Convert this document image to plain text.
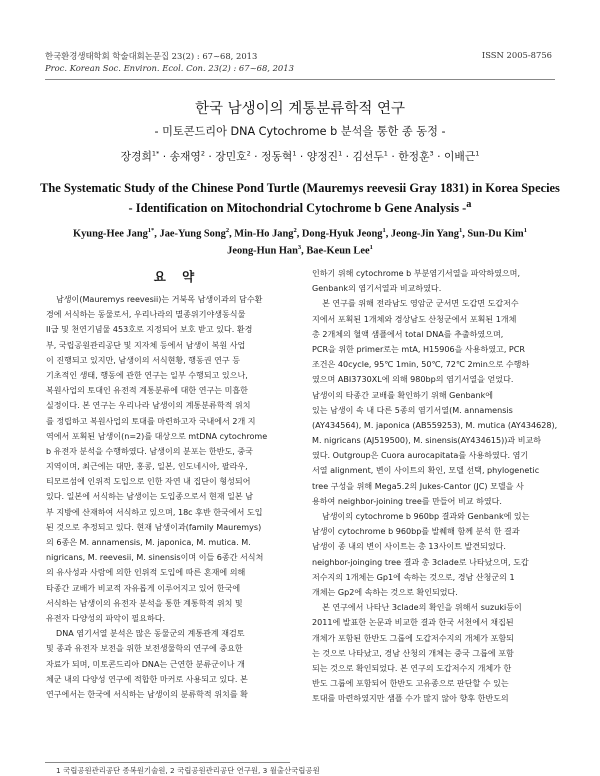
한국환경생태학회 학술대회논문집 23(2) : 67~68, 2013
Proc. Korean Soc. Environ. Ecol. Con. 23(2) : 67~68, 2013
ISSN 2005-8756
한국 남생이의 계통분류학적 연구
- 미토콘드리아 DNA Cytochrome b 분석을 통한 종 동정 -
장경희$^{1*}$ · 송재영$^2$ · 장민호$^2$ · 정동혁$^1$ · 양정진$^1$ · 김선두$^1$ · 한정훈$^3$ · 이배근$^1$
The Systematic Study of the Chinese Pond Turtle (Mauremys reevesii Gray 1831) in Korea Species
- Identification on Mitochondrial Cytochrome b Gene Analysis -$^a$
Kyung-Hee Jang$^{1*}$, Jae-Yung Song$^2$, Min-Ho Jang$^2$, Dong-Hyuk Jeong$^1$, Jeong-Jin Yang$^1$, Sun-Du Kim$^1$
Jeong-Hun Han$^3$, Bae-Keun Lee$^1$
요 약
남생이(Mauremys reevesii)는 거북목 남생이과의 담수환
경에 서식하는 동물로서, 우리나라의 멸종위기야생동식물
II급 및 천연기념물 453호로 지정되어 보호 받고 있다. 환경
부, 국립공원관리공단 및 지자체 등에서 남생이 복원 사업
이 진행되고 있지만, 남생이의 서식현황, 행동권 연구 등
기초적인 생태, 행동에 관한 연구는 일부 수행되고 있으나,
복원사업의 토대인 유전적 계통분류에 대한 연구는 미흡한
실정이다. 본 연구는 우리나라 남생이의 계통분류학적 위치
를 정립하고 복원사업의 토대를 마련하고자 국내에서 2개 지
역에서 포획된 남생이(n=2)를 대상으로 mtDNA cytochrome
b 유전자 분석을 수행하였다. 남생이의 분포는 한반도, 중국
지역이며, 최근에는 대만, 홍콩, 일본, 인도네시아, 팔라우,
티모르섬에 인위적 도입으로 인한 자연 내 집단이 형성되어
있다. 일본에 서식하는 남생이는 도입종으로서 현재 일본 남
부 지방에 산재하여 서식하고 있으며, 18c 후반 한국에서 도입
된 것으로 추정되고 있다. 현재 남생이과(family Mauremys)
의 6종은 M. annamensis, M. japonica, M. mutica. M.
nigricans, M. reevesii, M. sinensis이며 이들 6종간 서식처
의 유사성과 사람에 의한 인위적 도입에 따른 혼재에 의해
타종간 교배가 비교적 자유롭게 이루어지고 있어 한국에
서식하는 남생이의 유전자 분석을 통한 계통학적 위치 및
유전자 다양성의 파악이 필요하다.
DNA 염기서열 분석은 많은 동물군의 계통관계 재검토
및 종과 유전자 보전을 위한 보전생물학의 연구에 중요한
자료가 되며, 미토콘드리아 DNA는 근연한 분류군이나 개
체군 내의 다양성 연구에 적합한 마커로 사용되고 있다. 본
연구에서는 한국에 서식하는 남생이의 분류학적 위치를 확
인하기 위해 cytochrome b 부분염기서열을 파악하였으며,
Genbank의 염기서열과 비교하였다.
본 연구를 위해 전라남도 영암군 군서면 도갑면 도갑저수
지에서 포획된 1개체와 경상남도 산청군에서 포획된 1개체
총 2개체의 혈액 샘플에서 total DNA를 추출하였으며,
PCR을 위한 primer로는 mtA, H15906을 사용하였고, PCR
조건은 40cycle, 95℃ 1min, 50℃, 72℃ 2min으로 수행하
였으며 ABI3730XL에 의해 980bp의 염기서열을 얻었다.
남생이의 타종간 교배를 확인하기 위해 Genbank에
있는 남생이 속 내 다른 5종의 염기서열(M. annamensis
(AY434564), M. japonica (AB559253), M. mutica (AY434628),
M. nigricans (AJ519500), M. sinensis(AY434615))과 비교하
였다. Outgroup은 Cuora aurocapitata를 사용하였다. 염기
서열 alignment, 변이 사이트의 확인, 모델 선택, phylogenetic
tree 구성을 위해 Mega5.2의 Jukes-Cantor (JC) 모델을 사
용하여 neighbor-joining tree를 만들어 비교 하였다.
남생이의 cytochrome b 960bp 결과와 Genbank에 있는
남생이 cytochrome b 960bp를 발췌해 함께 분석 한 결과
남생이 종 내의 변이 사이트는 총 13사이트 발견되었다.
neighbor-joinging tree 결과 총 3clade로 나타났으며, 도갑
저수지의 1개체는 Gp1에 속하는 것으로, 경남 산청군의 1
개체는 Gp2에 속하는 것으로 확인되었다.
본 연구에서 나타난 3clade의 확인을 위해서 suzuki등이
2011에 발표한 논문과 비교한 결과 한국 서천에서 채집된
개체가 포함된 한반도 그룹에 도갑저수지의 개체가 포함되
는 것으로 나타났고, 경남 산청의 개체는 중국 그룹에 포함
되는 것으로 확인되었다. 본 연구의 도갑저수지 개체가 한
반도 그룹에 포함되어 한반도 고유종으로 판단할 수 있는
토대를 마련하였지만 샘플 수가 많지 않아 향후 한반도의
1 국립공원관리공단 종복원기술원, 2 국립공원관리공단 연구원, 3 월출산국립공원
